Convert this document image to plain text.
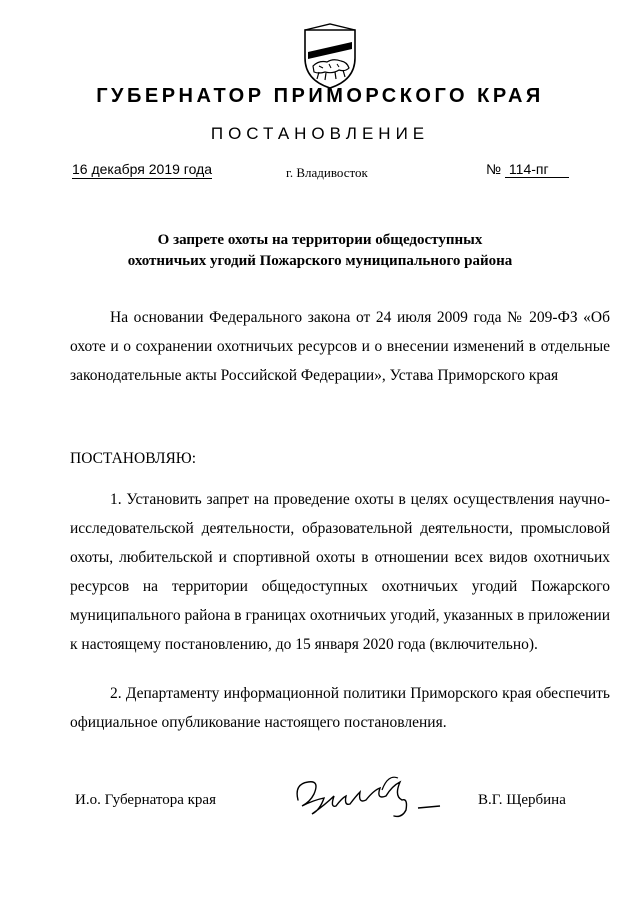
ГУБЕРНАТОР ПРИМОРСКОГО КРАЯ
ПОСТАНОВЛЕНИЕ
16 декабря 2019 года	г. Владивосток	№ 114-пг
О запрете охоты на территории общедоступных
охотничьих угодий Пожарского муниципального района
На основании Федерального закона от 24 июля 2009 года № 209-ФЗ «Об охоте и о сохранении охотничьих ресурсов и о внесении изменений в отдельные законодательные акты Российской Федерации», Устава Приморского края
ПОСТАНОВЛЯЮ:
1. Установить запрет на проведение охоты в целях осуществления научно-исследовательской деятельности, образовательной деятельности, промысловой охоты, любительской и спортивной охоты в отношении всех видов охотничьих ресурсов на территории общедоступных охотничьих угодий Пожарского муниципального района в границах охотничьих угодий, указанных в приложении к настоящему постановлению, до 15 января 2020 года (включительно).
2. Департаменту информационной политики Приморского края обеспечить официальное опубликование настоящего постановления.
И.о. Губернатора края	В.Г. Щербина
